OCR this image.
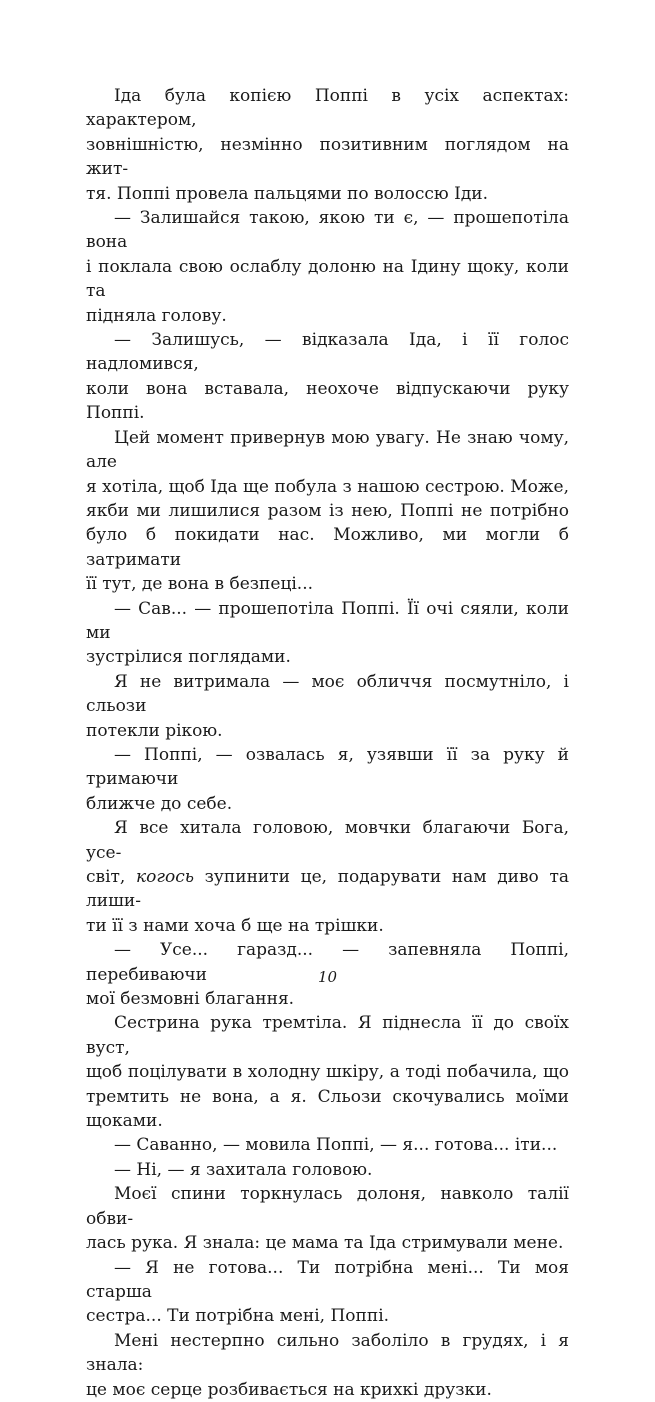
Іда була копією Поппі в усіх аспектах: характером,
зовнішністю, незмінно позитивним поглядом на жит-
тя. Поппі провела пальцями по волоссю Іди.

— Залишайся такою, якою ти є, — прошепотіла вона
і поклала свою ослаблу долоню на Ідину щоку, коли та
підняла голову.

— Залишусь, — відказала Іда, і її голос надломився,
коли вона вставала, неохоче відпускаючи руку Поппі.

Цей момент привернув мою увагу. Не знаю чому, але
я хотіла, щоб Іда ще побула з нашою сестрою. Може,
якби ми лишилися разом із нею, Поппі не потрібно
було б покидати нас. Можливо, ми могли б затримати
її тут, де вона в безпеці...

— Сав... — прошепотіла Поппі. Її очі сяяли, коли ми
зустрілися поглядами.

Я не витримала — моє обличчя посмутніло, і сльози
потекли рікою.

— Поппі, — озвалась я, узявши її за руку й тримаючи
ближче до себе.

Я все хитала головою, мовчки благаючи Бога, усе-
світ, когось зупинити це, подарувати нам диво та лиши-
ти її з нами хоча б ще на трішки.

— Усе... гаразд... — запевняла Поппі, перебиваючи
мої безмовні благання.

Сестрина рука тремтіла. Я піднесла її до своїх вуст,
щоб поцілувати в холодну шкіру, а тоді побачила, що
тремтить не вона, а я. Сльози скочувались моїми щоками.

— Саванно, — мовила Поппі, — я... готова... іти...

— Ні, — я захитала головою.

Моєї спини торкнулась долоня, навколо талії обви-
лась рука. Я знала: це мама та Іда стримували мене.

— Я не готова... Ти потрібна мені... Ти моя старша
сестра... Ти потрібна мені, Поппі.

Мені нестерпно сильно заболіло в грудях, і я знала:
це моє серце розбивається на крихкі друзки.

10
